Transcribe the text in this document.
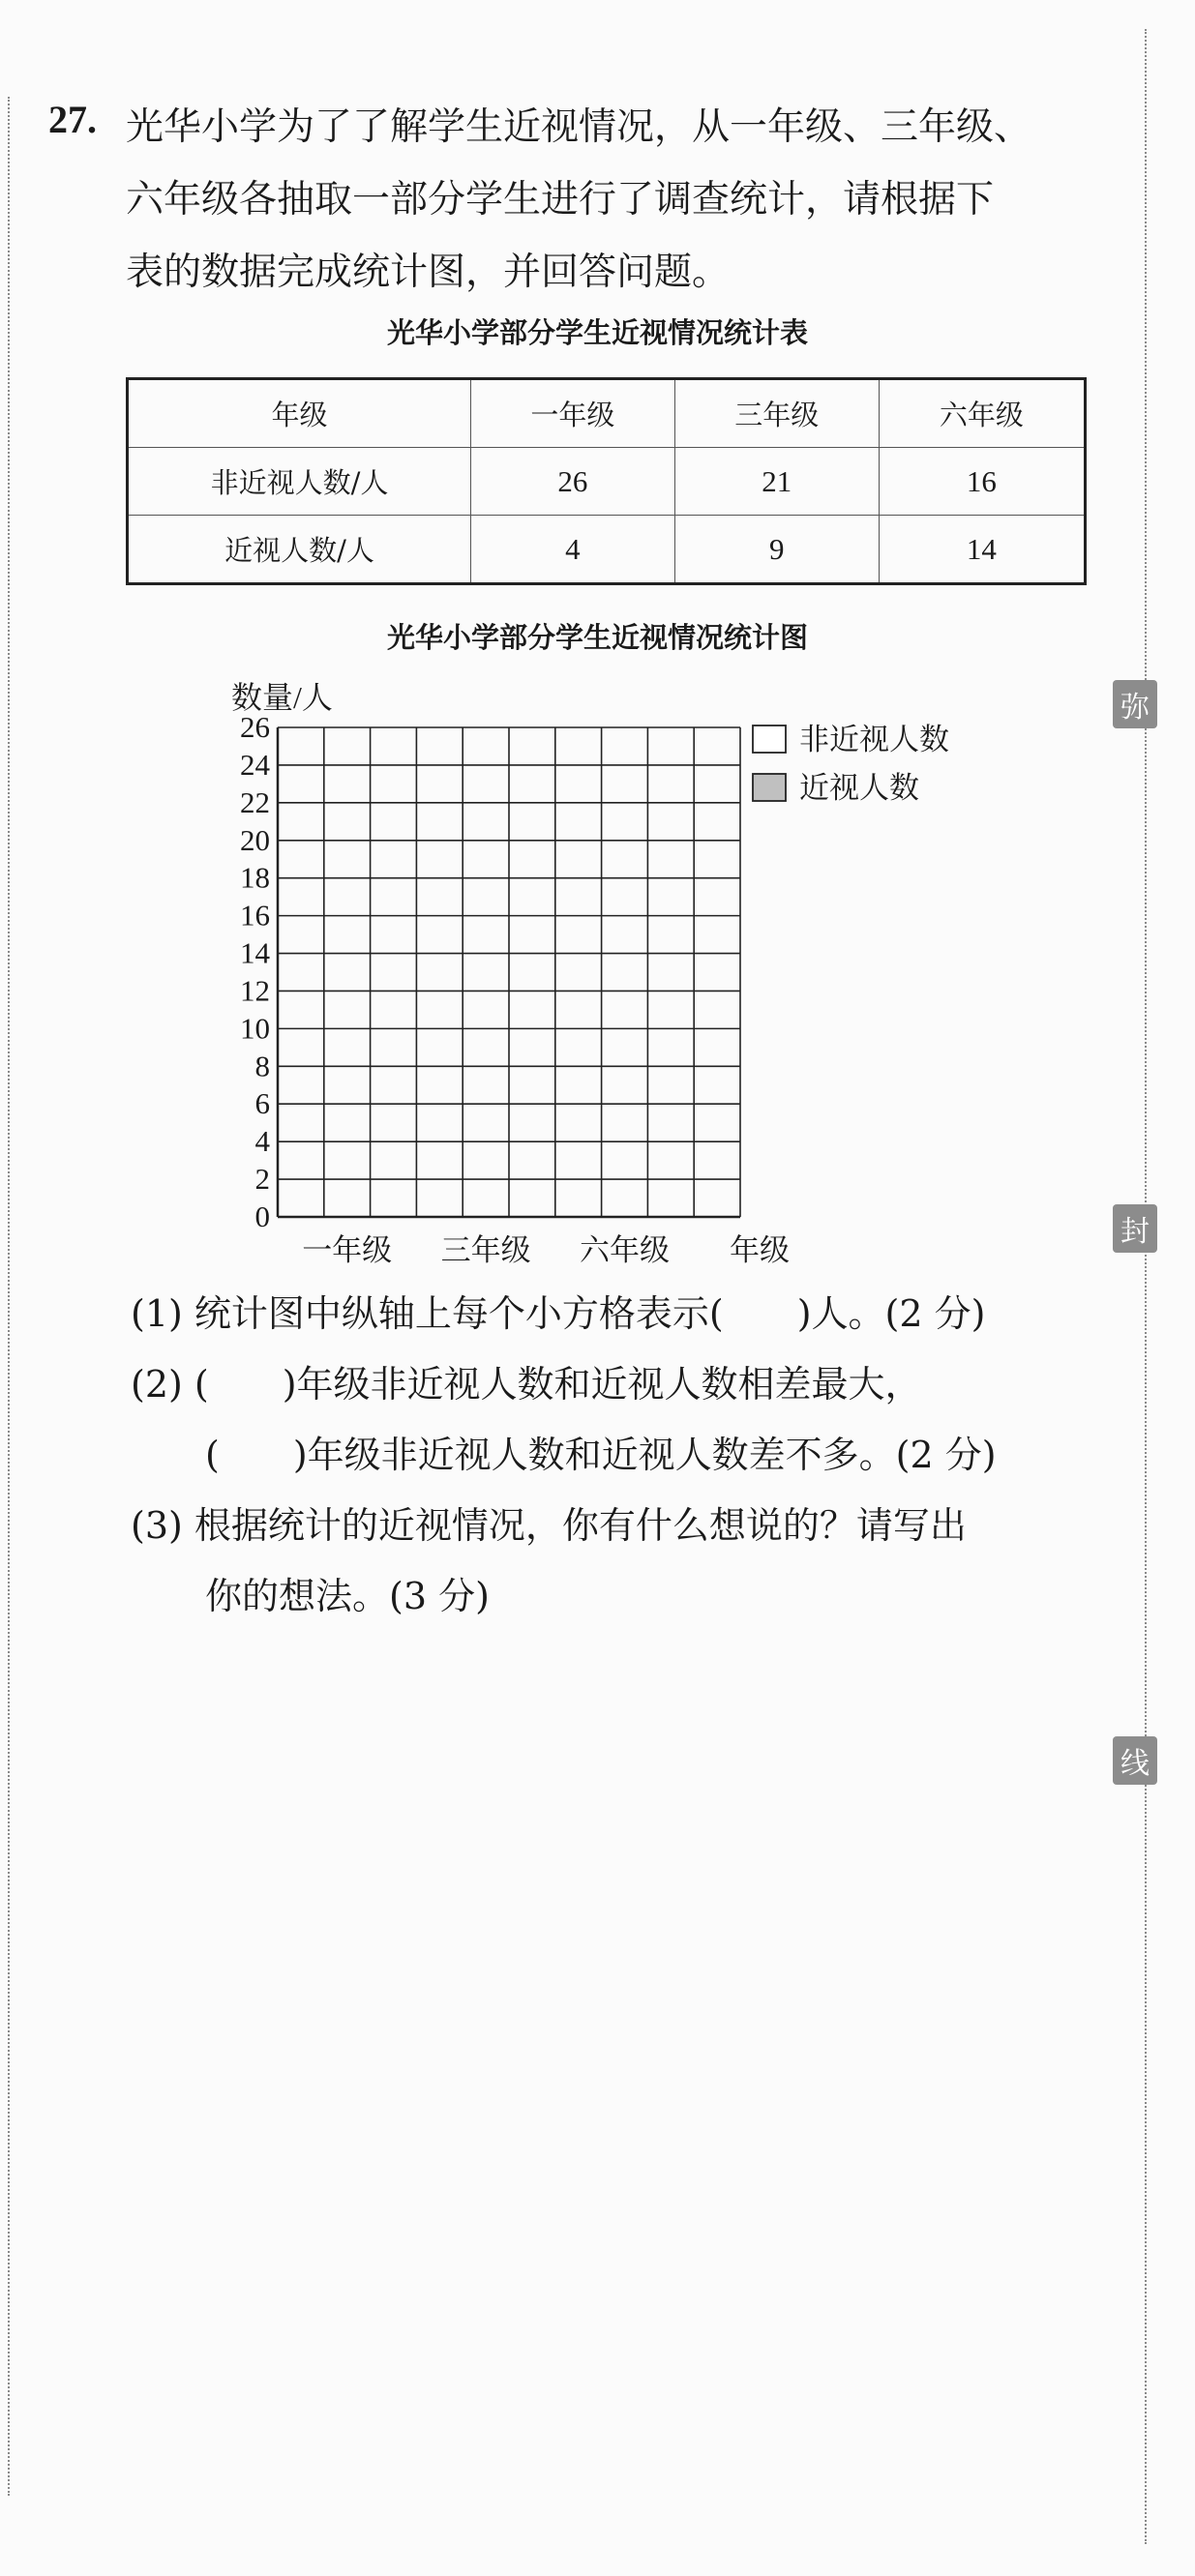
弥
封
线
27. 光华小学为了了解学生近视情况，从一年级、三年级、
六年级各抽取一部分学生进行了调查统计，请根据下
表的数据完成统计图，并回答问题。
光华小学部分学生近视情况统计表
年级	一年级	三年级	六年级
非近视人数/人	26	21	16
近视人数/人	4	9	14
光华小学部分学生近视情况统计图
0
2
4
6
8
10
12
14
16
18
20
22
24
26
数量/人
一年级 三年级 六年级 年级
非近视人数
近视人数
(1) 统计图中纵轴上每个小方格表示(　　)人。(2 分)
(2) (　　)年级非近视人数和近视人数相差最大，
(　　)年级非近视人数和近视人数差不多。(2 分)
(3) 根据统计的近视情况，你有什么想说的？请写出
你的想法。(3 分)
